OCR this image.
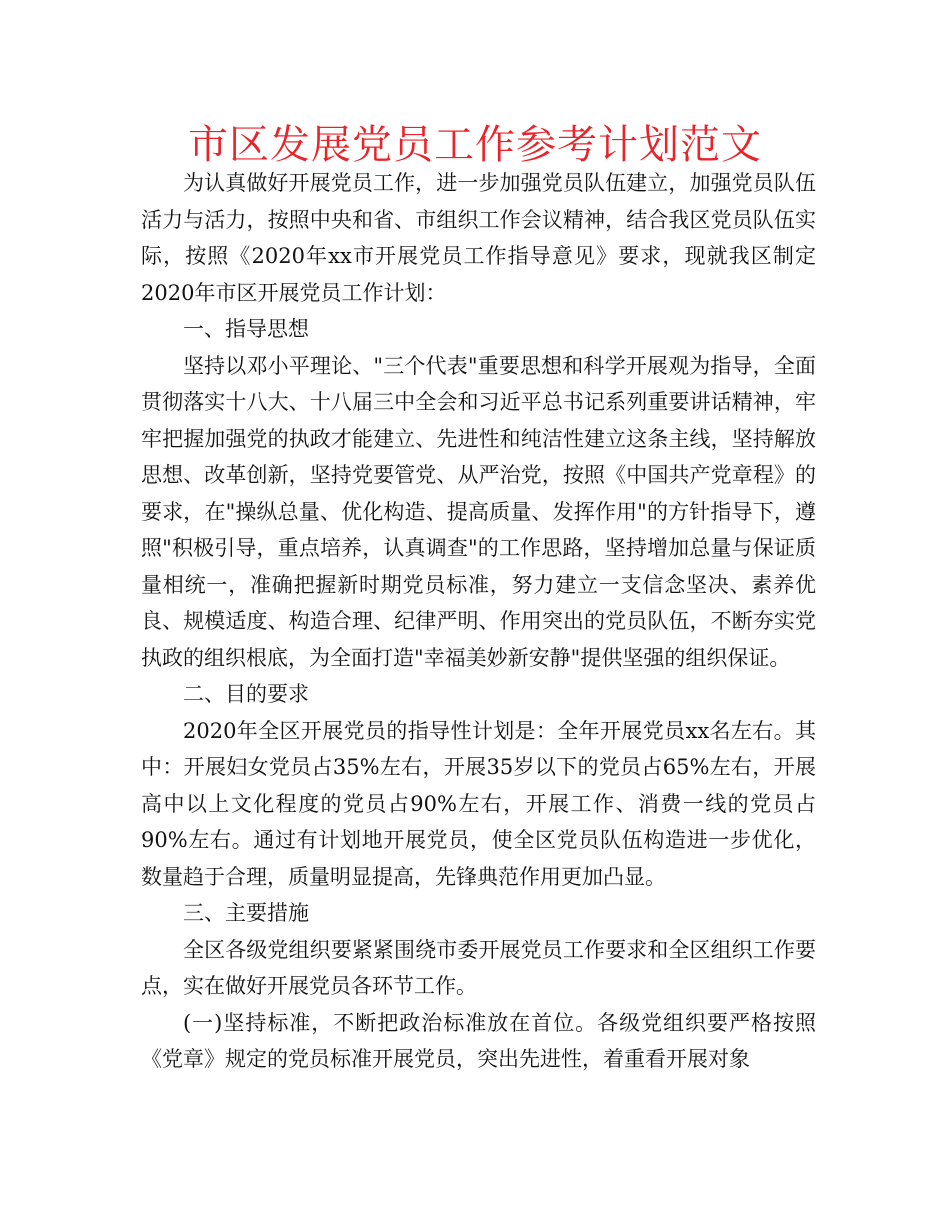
市区发展党员工作参考计划范文

为认真做好开展党员工作，进一步加强党员队伍建立，加强党员队伍活力与活力，按照中央和省、市组织工作会议精神，结合我区党员队伍实际，按照《2020年xx市开展党员工作指导意见》要求，现就我区制定2020年市区开展党员工作计划：

一、指导思想

坚持以邓小平理论、"三个代表"重要思想和科学开展观为指导，全面贯彻落实十八大、十八届三中全会和习近平总书记系列重要讲话精神，牢牢把握加强党的执政才能建立、先进性和纯洁性建立这条主线，坚持解放思想、改革创新，坚持党要管党、从严治党，按照《中国共产党章程》的要求，在"操纵总量、优化构造、提高质量、发挥作用"的方针指导下，遵照"积极引导，重点培养，认真调查"的工作思路，坚持增加总量与保证质量相统一，准确把握新时期党员标准，努力建立一支信念坚决、素养优良、规模适度、构造合理、纪律严明、作用突出的党员队伍，不断夯实党执政的组织根底，为全面打造"幸福美妙新安静"提供坚强的组织保证。

二、目的要求

2020年全区开展党员的指导性计划是：全年开展党员xx名左右。其中：开展妇女党员占35%左右，开展35岁以下的党员占65%左右，开展高中以上文化程度的党员占90%左右，开展工作、消费一线的党员占90%左右。通过有计划地开展党员，使全区党员队伍构造进一步优化，数量趋于合理，质量明显提高，先锋典范作用更加凸显。

三、主要措施

全区各级党组织要紧紧围绕市委开展党员工作要求和全区组织工作要点，实在做好开展党员各环节工作。

(一)坚持标准，不断把政治标准放在首位。各级党组织要严格按照《党章》规定的党员标准开展党员，突出先进性，着重看开展对象
